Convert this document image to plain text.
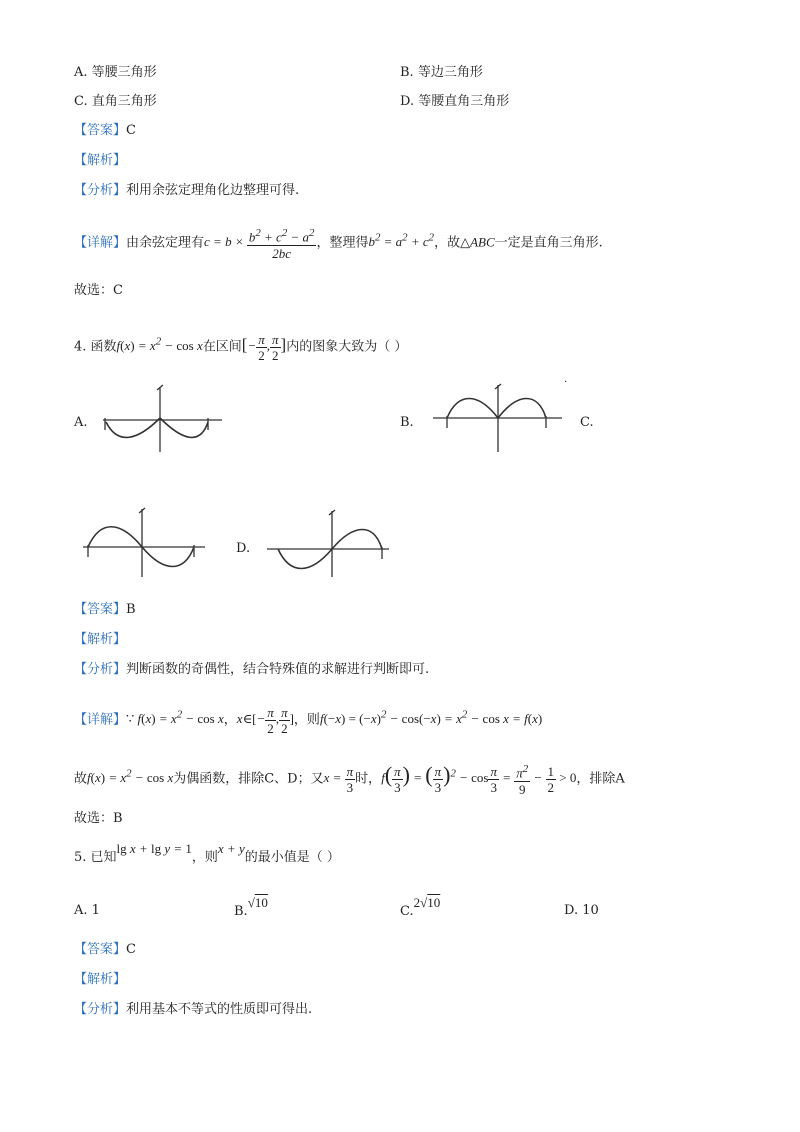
A. 等腰三角形	B. 等边三角形
C. 直角三角形	D. 等腰直角三角形
【答案】C
【解析】
【分析】利用余弦定理角化边整理可得.
【详解】由余弦定理有$c = b \times \frac{b^2 + c^2 - a^2}{2bc}$ ，整理得$b^2 = a^2 + c^2$，故△ABC一定是直角三角形.
故选：C
4. 函数$f(x) = x^2 - \cos x$在区间[− $\frac{\pi}{2}$ , $\frac{\pi}{2}$ ]内的图象大致为（ ）
A.	B.
·
C.
D.
【答案】B
【解析】
【分析】判断函数的奇偶性，结合特殊值的求解进行判断即可.
【详解】∵ $f(x) = x^2 - \cos x$，x∈[− $\frac{\pi}{2}$ , $\frac{\pi}{2}$ ]，则$f(-x) = (-x)^2 - \cos(-x) = x^2 - \cos x = f(x)$
故$f(x) = x^2 - \cos x$为偶函数，排除C、D；又$x = \frac{\pi}{3}$ 时，$f( \frac{\pi}{3}$ ) = ( $\frac{\pi}{3} )^2 - \cos \frac{\pi}{3} = \frac{\pi^2}{9} - \frac{1}{2} > 0$，排除A
故选：B
5. 已知lg x + lg y = 1，则x + y的最小值是（ ）
A. 1	B.√10
C.2√10
D. 10
【答案】C
【解析】
【分析】利用基本不等式的性质即可得出.
